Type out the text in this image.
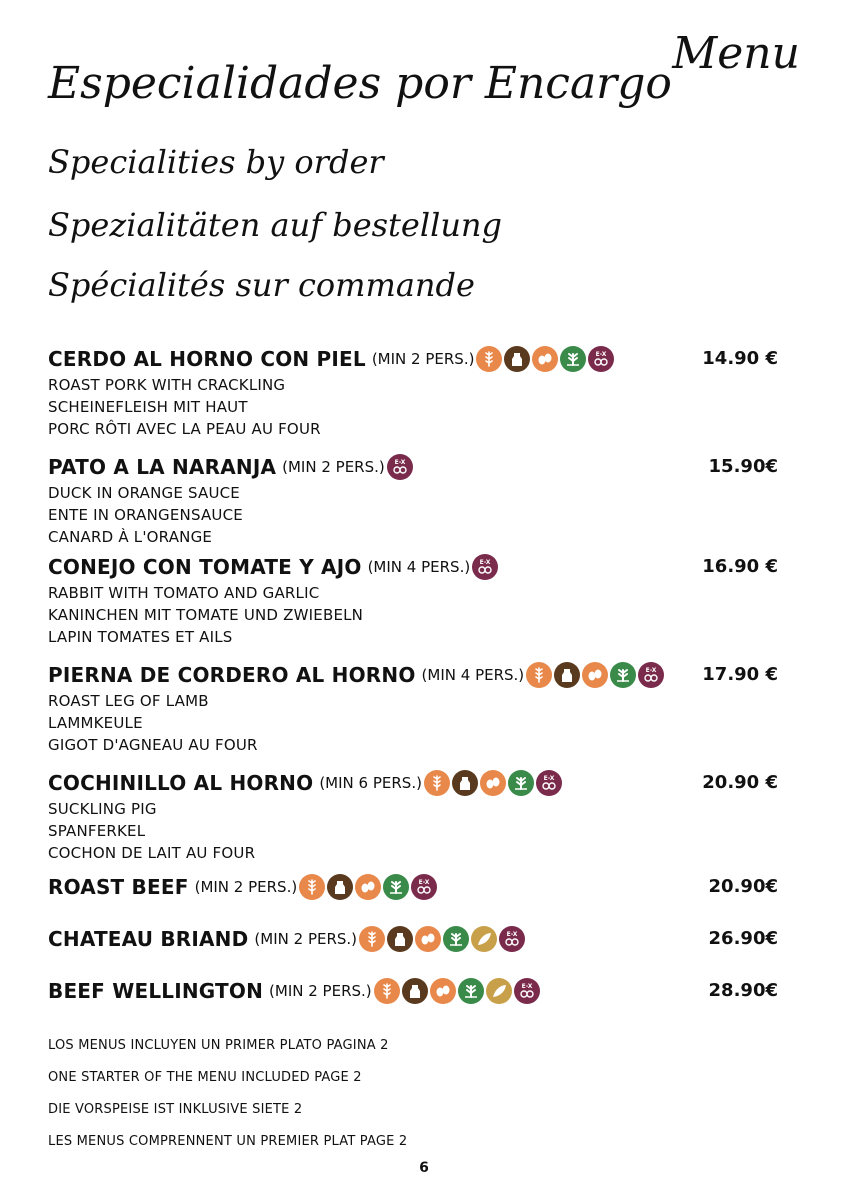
Menu
Especialidades por Encargo
Specialities by order
Spezialitäten auf bestellung
Spécialités sur commande
CERDO AL HORNO CON PIEL (MIN 2 PERS.)	E-X	14.90 €
ROAST PORK WITH CRACKLING
SCHEINEFLEISH MIT HAUT
PORC RÔTI AVEC LA PEAU AU FOUR
PATO A LA NARANJA (MIN 2 PERS.) E-X	15.90€
DUCK IN ORANGE SAUCE
ENTE IN ORANGENSAUCE
CANARD À L'ORANGE
CONEJO CON TOMATE Y AJO (MIN 4 PERS.) E-X	16.90 €
RABBIT WITH TOMATO AND GARLIC
KANINCHEN MIT TOMATE UND ZWIEBELN
LAPIN TOMATES ET AILS
PIERNA DE CORDERO AL HORNO (MIN 4 PERS.)	E-X	17.90 €
ROAST LEG OF LAMB
LAMMKEULE
GIGOT D'AGNEAU AU FOUR
COCHINILLO AL HORNO (MIN 6 PERS.)	E-X	20.90 €
SUCKLING PIG
SPANFERKEL
COCHON DE LAIT AU FOUR
ROAST BEEF (MIN 2 PERS.)	E-X	20.90€
CHATEAU BRIAND (MIN 2 PERS.)	E-X	26.90€
BEEF WELLINGTON (MIN 2 PERS.)	E-X	28.90€
LOS MENUS INCLUYEN UN PRIMER PLATO PAGINA 2
ONE STARTER OF THE MENU INCLUDED PAGE 2
DIE VORSPEISE IST INKLUSIVE SIETE 2
LES MENUS COMPRENNENT UN PREMIER PLAT PAGE 2
6
